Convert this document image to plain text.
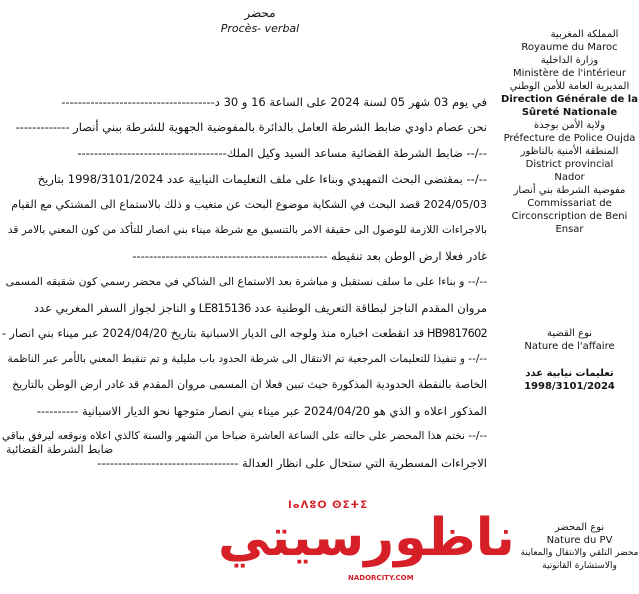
محضر
Procès- verbal	المملكة المغربية
Royaume du Maroc
وزارة الداخلية
Ministère de l'intérieur
المديرية العامة للأمن الوطني
Direction Générale de la
Sûreté Nationale
ولاية الأمن بوجدة
Préfecture de Police Oujda
المنطقة الأمنية بالناظور
District provincial
Nador
مفوضية الشرطة بني أنصار
Commissariat de
Circonscription de Beni
Ensar
نوع القضية
Nature de l'affaire
تعليمات نيابية عدد
1998/3101/2024
في يوم 03 شهر 05 لسنة 2024 على الساعة 16 و 30 د-------------------------------------
نحن عصام داودي ضابط الشرطة العامل بالدائرة بالمفوضية الجهوية للشرطة ببني أنصار -------------
--/-- ضابط الشرطة القضائية مساعد السيد وكيل الملك------------------------------------
--/-- بمقتضى البحث التمهيدي وبناءا على ملف التعليمات النيابية عدد 1998/3101/2024 بتاريخ
2024/05/03 قصد البحث في الشكاية موضوع البحث عن متغيب و ذلك بالاستماع الى المشتكي مع القيام
بالاجراءات اللازمة للوصول الى حقيقة الامر بالتنسيق مع شرطة ميناء بني انصار للتأكد من كون المعني بالامر قد
غادر فعلا ارض الوطن بعد تنقيطه -----------------------------------------------
--/-- و بناءا على ما سلف نستقبل و مباشرة بعد الاستماع الى الشاكي في محضر رسمي كون شقيقه المسمى
مروان المقدم الناجز لبطاقة التعريف الوطنية عدد LE815136 و الناجز لجواز السفر المغربي عدد
HB9817602 قد انقطعت اخباره منذ ولوجه الى الديار الاسبانية بتاريخ 2024/04/20 عبر ميناء بني انصار -
--/-- و تنفيذا للتعليمات المرجعية تم الانتقال الى شرطة الحدود باب مليلية و تم تنقيط المعني بالأمر عبر الناظمة
الخاصة بالنقطة الحدودية المذكورة حيث تبين فعلا ان المسمى مروان المقدم قد غادر ارض الوطن بالتاريخ
المذكور اعلاه و الذي هو 2024/04/20 عبر ميناء بني انصار متوجها نحو الديار الاسبانية ----------
--/-- نختم هذا المحضر على حالته على الساعة العاشرة صباحا من الشهر والسنة كالذي اعلاه ونوقعه ليرفق بباقي
الاجراءات المسطرية التي ستحال على انظار العدالة ----------------------------------
ضابط الشرطة القضائية
ⵏⴰⴷⵓⵔ ⵙⵉⵜⵉ
ناظورسيتي
NADORCITY.COM
نوع المحضر
Nature du PV
محضر التلقي والانتقال والمعاينة
والاستشارة القانونية
